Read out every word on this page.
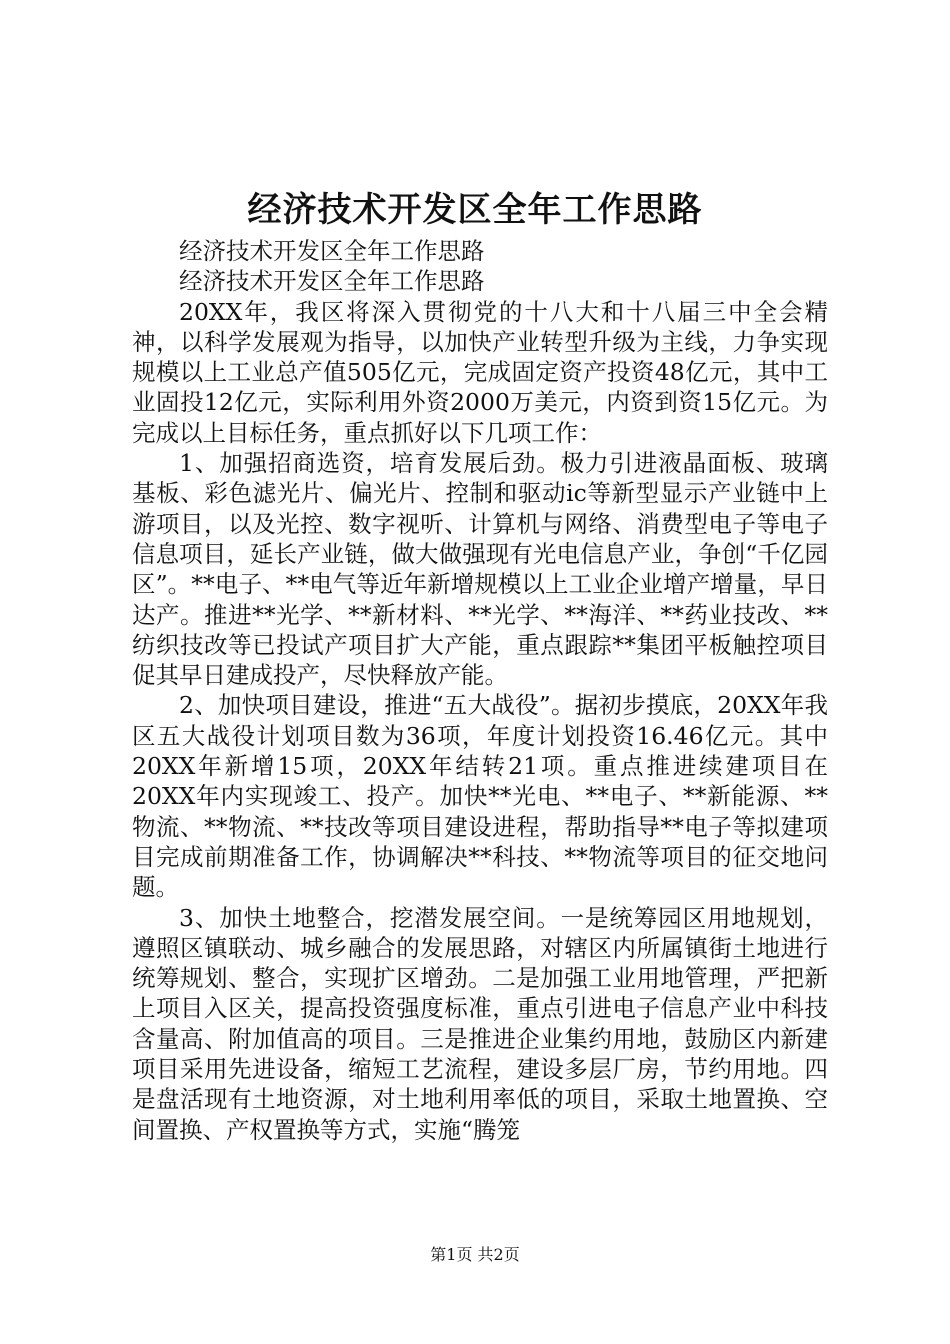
经济技术开发区全年工作思路

经济技术开发区全年工作思路

经济技术开发区全年工作思路

20XX年，我区将深入贯彻党的十八大和十八届三中全会精神，以科学发展观为指导，以加快产业转型升级为主线，力争实现规模以上工业总产值505亿元，完成固定资产投资48亿元，其中工业固投12亿元，实际利用外资2000万美元，内资到资15亿元。为完成以上目标任务，重点抓好以下几项工作：

1、加强招商选资，培育发展后劲。极力引进液晶面板、玻璃基板、彩色滤光片、偏光片、控制和驱动ic等新型显示产业链中上游项目，以及光控、数字视听、计算机与网络、消费型电子等电子信息项目，延长产业链，做大做强现有光电信息产业，争创“千亿园区”。**电子、**电气等近年新增规模以上工业企业增产增量，早日达产。推进**光学、**新材料、**光学、**海洋、**药业技改、**纺织技改等已投试产项目扩大产能，重点跟踪**集团平板触控项目促其早日建成投产，尽快释放产能。

2、加快项目建设，推进“五大战役”。据初步摸底，20XX年我区五大战役计划项目数为36项，年度计划投资16.46亿元。其中20XX年新增15项，20XX年结转21项。重点推进续建项目在20XX年内实现竣工、投产。加快**光电、**电子、**新能源、**物流、**物流、**技改等项目建设进程，帮助指导**电子等拟建项目完成前期准备工作，协调解决**科技、**物流等项目的征交地问题。

3、加快土地整合，挖潜发展空间。一是统筹园区用地规划，遵照区镇联动、城乡融合的发展思路，对辖区内所属镇街土地进行统筹规划、整合，实现扩区增劲。二是加强工业用地管理，严把新上项目入区关，提高投资强度标准，重点引进电子信息产业中科技含量高、附加值高的项目。三是推进企业集约用地，鼓励区内新建项目采用先进设备，缩短工艺流程，建设多层厂房，节约用地。四是盘活现有土地资源，对土地利用率低的项目，采取土地置换、空间置换、产权置换等方式，实施“腾笼

第1页 共2页
